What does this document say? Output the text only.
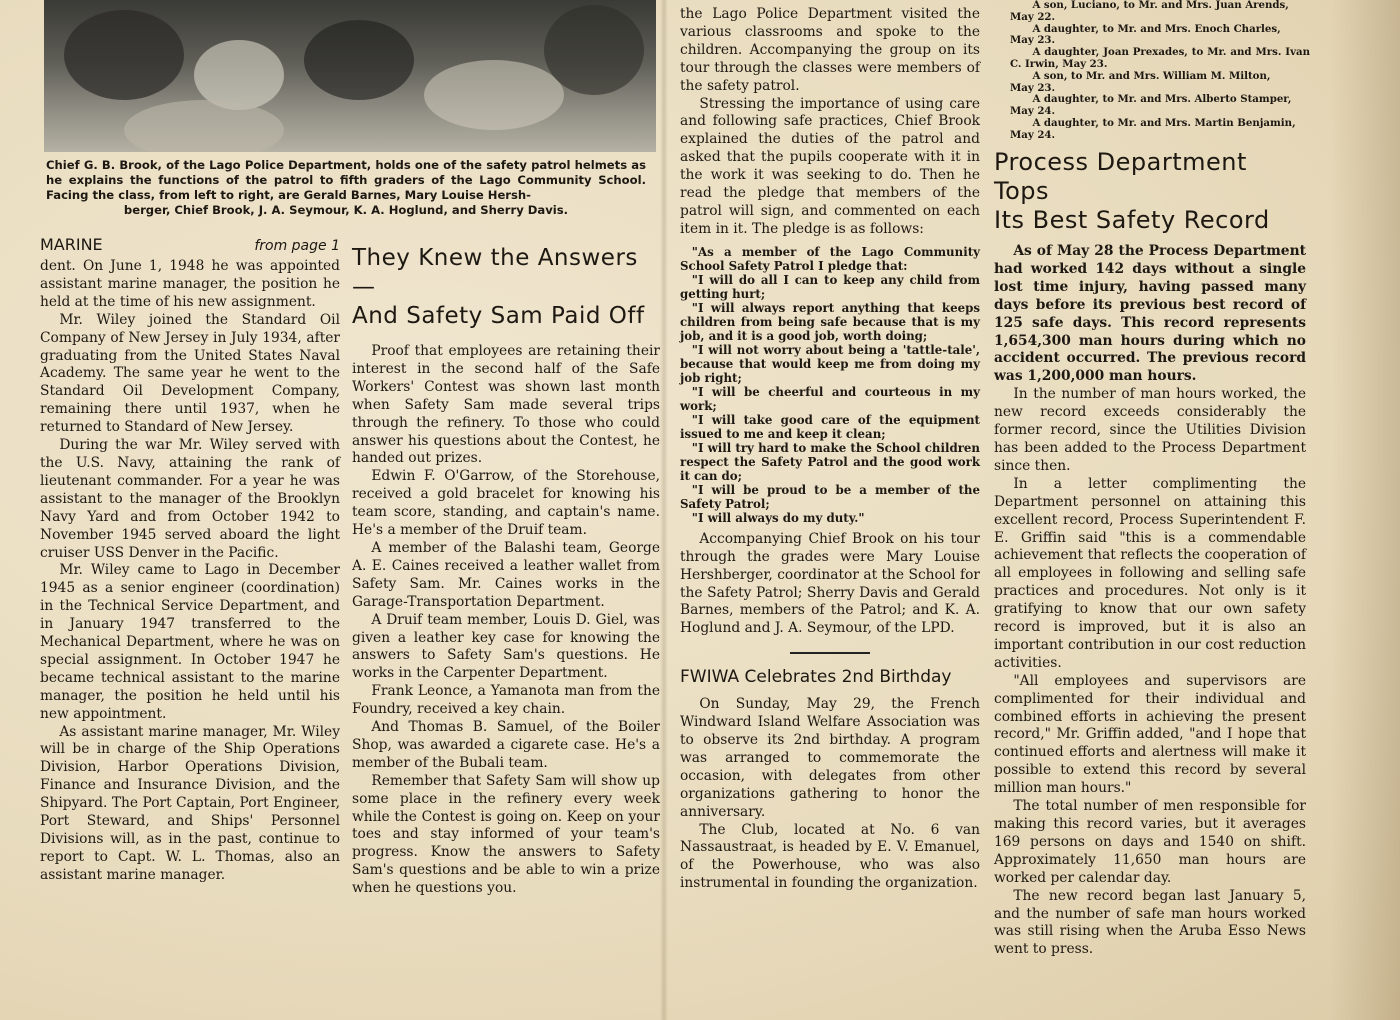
Chief G. B. Brook, of the Lago Police Department, holds one of the safety patrol helmets as he explains the functions of the patrol to fifth graders of the Lago Community School. Facing the class, from left to right, are Gerald Barnes, Mary Louise Hersh-
berger, Chief Brook, J. A. Seymour, K. A. Hoglund, and Sherry Davis.
MARINE	from page 1

dent. On June 1, 1948 he was appointed assistant marine manager, the position he held at the time of his new assignment.

Mr. Wiley joined the Standard Oil Company of New Jersey in July 1934, after graduating from the United States Naval Academy. The same year he went to the Standard Oil Development Company, remaining there until 1937, when he returned to Standard of New Jersey.

During the war Mr. Wiley served with the U.S. Navy, attaining the rank of lieutenant commander. For a year he was assistant to the manager of the Brooklyn Navy Yard and from October 1942 to November 1945 served aboard the light cruiser USS Denver in the Pacific.

Mr. Wiley came to Lago in December 1945 as a senior engineer (coordination) in the Technical Service Department, and in January 1947 transferred to the Mechanical Department, where he was on special assignment. In October 1947 he became technical assistant to the marine manager, the position he held until his new appointment.

As assistant marine manager, Mr. Wiley will be in charge of the Ship Operations Division, Harbor Operations Division, Finance and Insurance Division, and the Shipyard. The Port Captain, Port Engineer, Port Steward, and Ships' Personnel Divisions will, as in the past, continue to report to Capt. W. L. Thomas, also an assistant marine manager.

They Knew the Answers—
And Safety Sam Paid Off

Proof that employees are retaining their interest in the second half of the Safe Workers' Contest was shown last month when Safety Sam made several trips through the refinery. To those who could answer his questions about the Contest, he handed out prizes.

Edwin F. O'Garrow, of the Storehouse, received a gold bracelet for knowing his team score, standing, and captain's name. He's a member of the Druif team.

A member of the Balashi team, George A. E. Caines received a leather wallet from Safety Sam. Mr. Caines works in the Garage-Transportation Department.

A Druif team member, Louis D. Giel, was given a leather key case for knowing the answers to Safety Sam's questions. He works in the Carpenter Department.

Frank Leonce, a Yamanota man from the Foundry, received a key chain.

And Thomas B. Samuel, of the Boiler Shop, was awarded a cigarete case. He's a member of the Bubali team.

Remember that Safety Sam will show up some place in the refinery every week while the Contest is going on. Keep on your toes and stay informed of your team's progress. Know the answers to Safety Sam's questions and be able to win a prize when he questions you.

the Lago Police Department visited the various classrooms and spoke to the children. Accompanying the group on its tour through the classes were members of the safety patrol.

Stressing the importance of using care and following safe practices, Chief Brook explained the duties of the patrol and asked that the pupils cooperate with it in the work it was seeking to do. Then he read the pledge that members of the patrol will sign, and commented on each item in it. The pledge is as follows:

"As a member of the Lago Community School Safety Patrol I pledge that:

"I will do all I can to keep any child from getting hurt;

"I will always report anything that keeps children from being safe because that is my job, and it is a good job, worth doing;

"I will not worry about being a 'tattle-tale', because that would keep me from doing my job right;

"I will be cheerful and courteous in my work;

"I will take good care of the equipment issued to me and keep it clean;

"I will try hard to make the School children respect the Safety Patrol and the good work it can do;

"I will be proud to be a member of the Safety Patrol;

"I will always do my duty."

Accompanying Chief Brook on his tour through the grades were Mary Louise Hershberger, coordinator at the School for the Safety Patrol; Sherry Davis and Gerald Barnes, members of the Patrol; and K. A. Hoglund and J. A. Seymour, of the LPD.

FWIWA Celebrates 2nd Birthday

On Sunday, May 29, the French Windward Island Welfare Association was to observe its 2nd birthday. A program was arranged to commemorate the occasion, with delegates from other organizations gathering to honor the anniversary.

The Club, located at No. 6 van Nassaustraat, is headed by E. V. Emanuel, of the Powerhouse, who was also instrumental in founding the organization.

A son, Luciano, to Mr. and Mrs. Juan Arends,
May 22.

A daughter, to Mr. and Mrs. Enoch Charles,
May 23.

A daughter, Joan Prexades, to Mr. and Mrs. Ivan C. Irwin, May 23.

A son, to Mr. and Mrs. William M. Milton,
May 23.

A daughter, to Mr. and Mrs. Alberto Stamper,
May 24.

A daughter, to Mr. and Mrs. Martin Benjamin,
May 24.

Process Department Tops
Its Best Safety Record

As of May 28 the Process Department had worked 142 days without a single lost time injury, having passed many days before its previous best record of 125 safe days. This record represents 1,654,300 man hours during which no accident occurred. The previous record was 1,200,000 man hours.

In the number of man hours worked, the new record exceeds considerably the former record, since the Utilities Division has been added to the Process Department since then.

In a letter complimenting the Department personnel on attaining this excellent record, Process Superintendent F. E. Griffin said "this is a commendable achievement that reflects the cooperation of all employees in following and selling safe practices and procedures. Not only is it gratifying to know that our own safety record is improved, but it is also an important contribution in our cost reduction activities.

"All employees and supervisors are complimented for their individual and combined efforts in achieving the present record," Mr. Griffin added, "and I hope that continued efforts and alertness will make it possible to extend this record by several million man hours."

The total number of men responsible for making this record varies, but it averages 169 persons on days and 1540 on shift. Approximately 11,650 man hours are worked per calendar day.

The new record began last January 5, and the number of safe man hours worked was still rising when the Aruba Esso News went to press.
